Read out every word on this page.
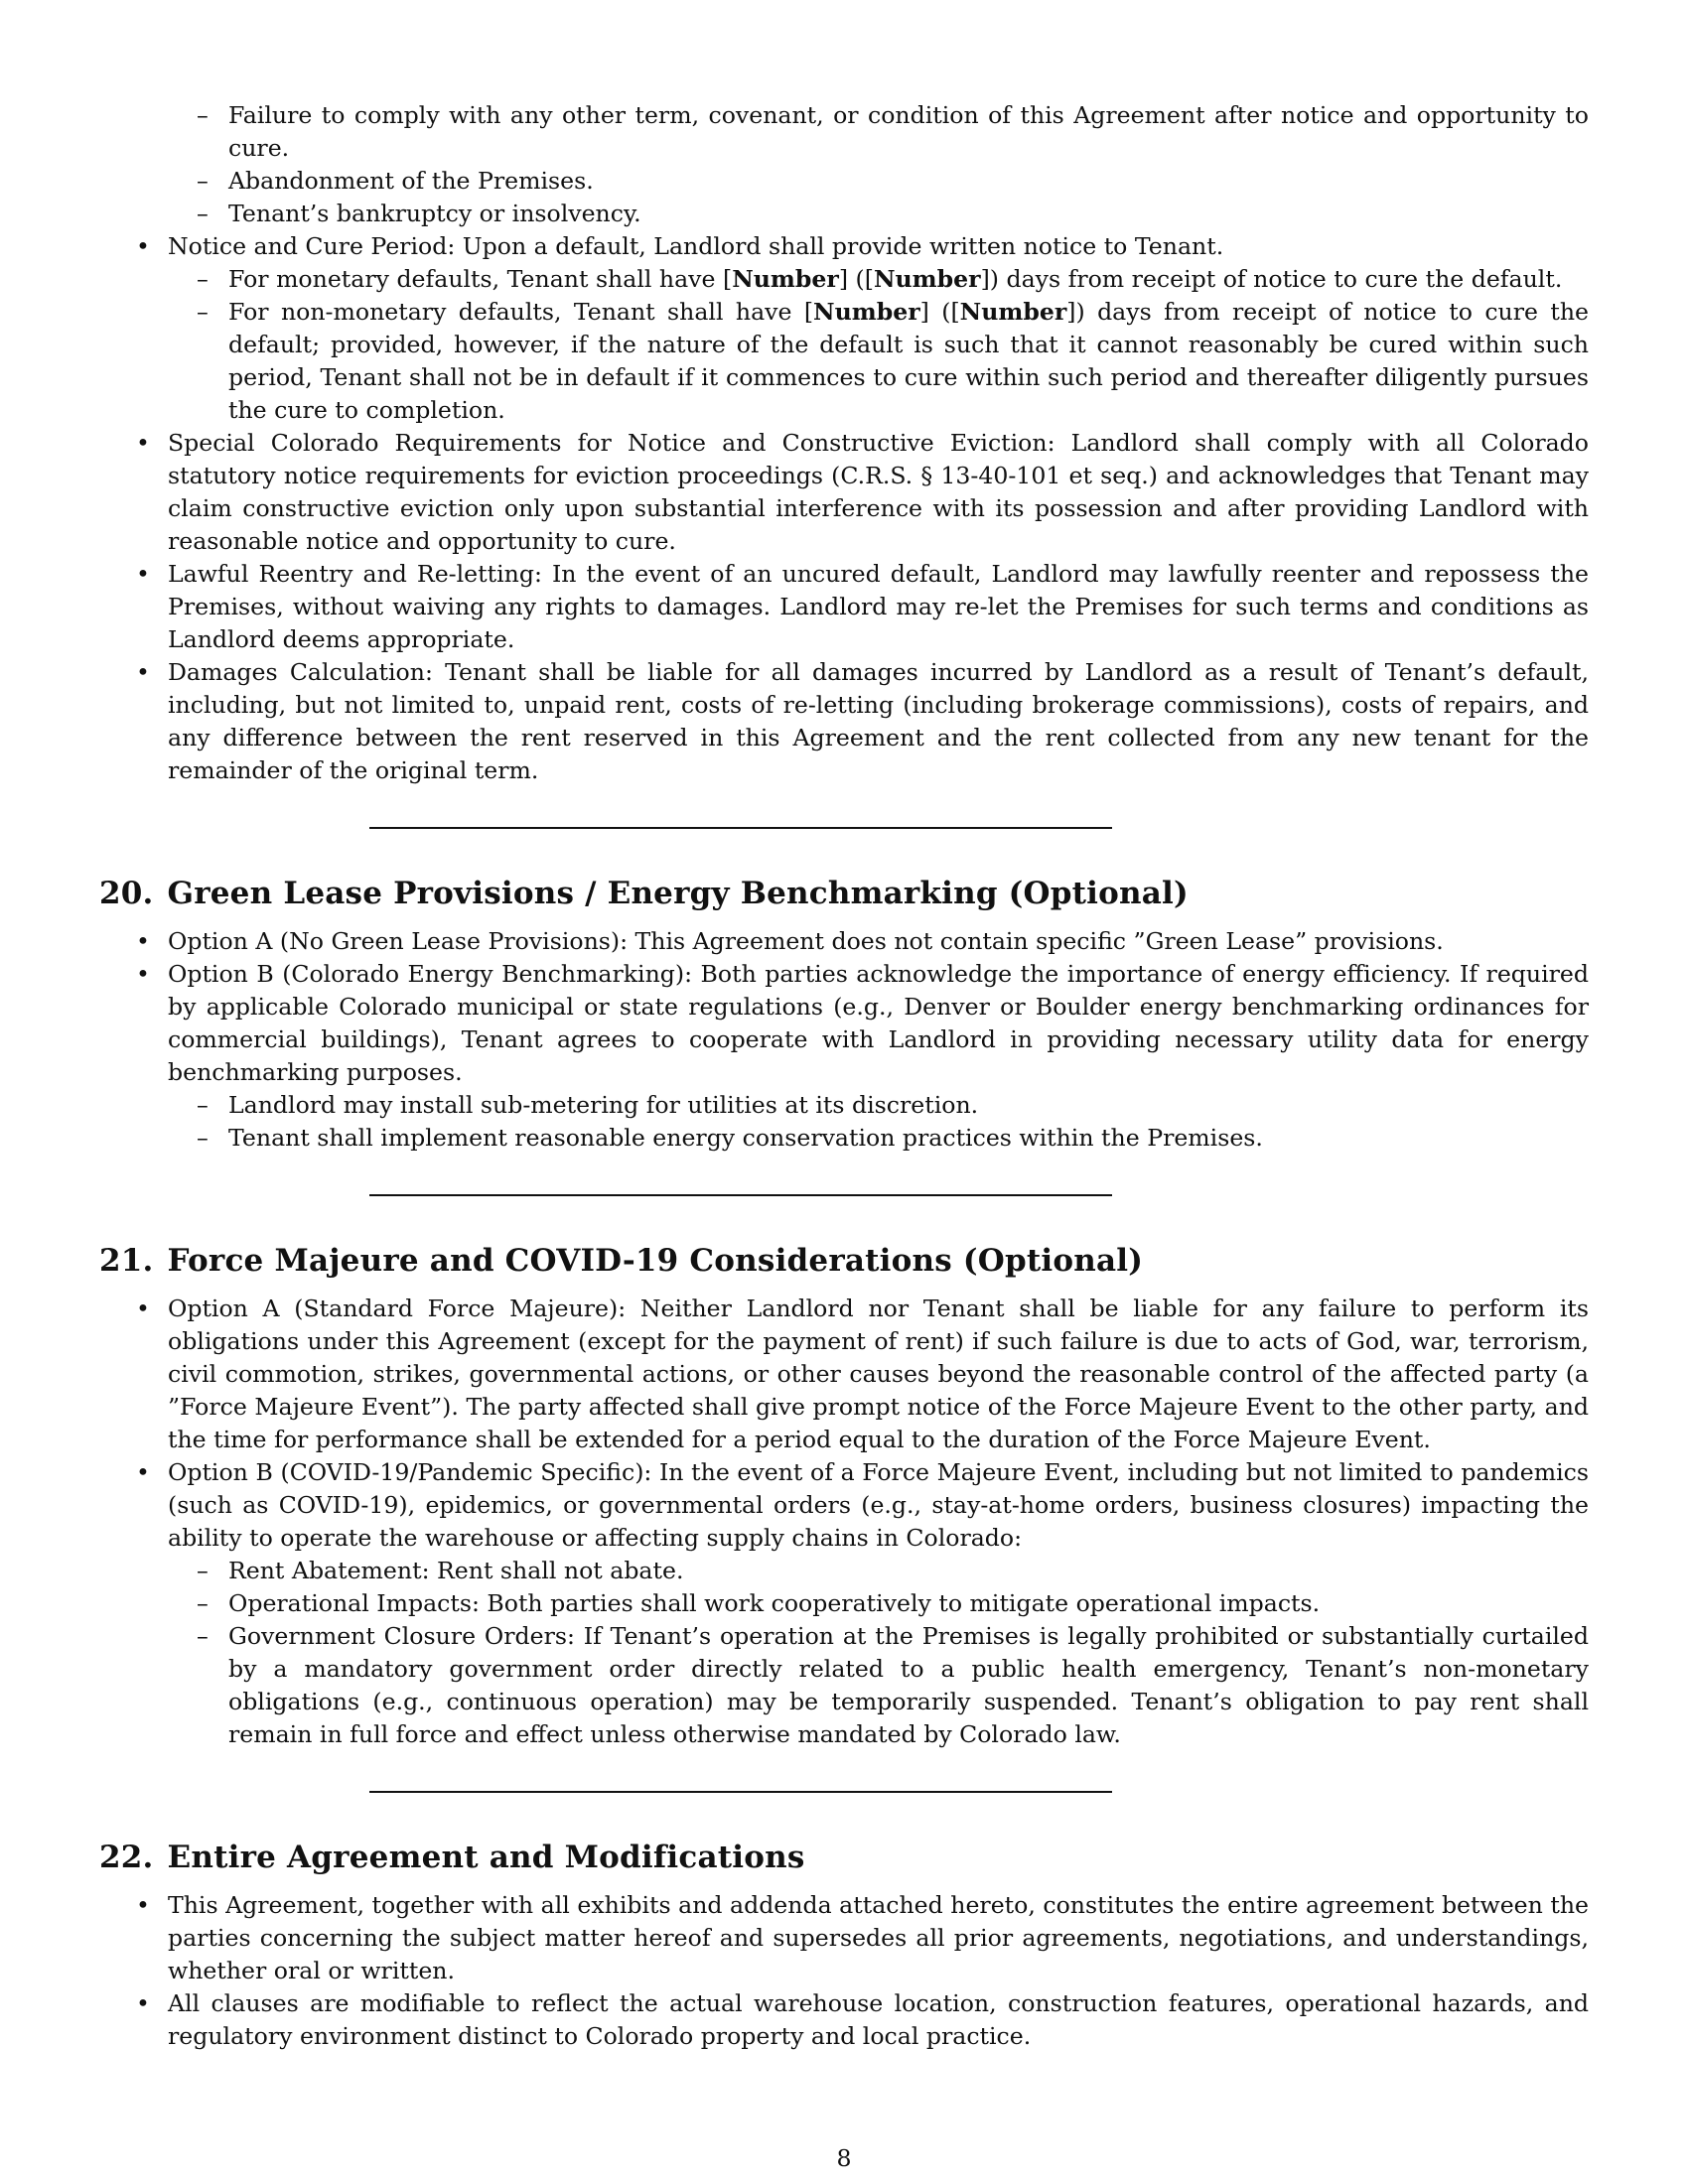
– Failure to comply with any other term, covenant, or condition of this Agreement after notice and opportunity to cure.
– Abandonment of the Premises.
– Tenant’s bankruptcy or insolvency.
• Notice and Cure Period: Upon a default, Landlord shall provide written notice to Tenant.
– For monetary defaults, Tenant shall have [Number] ([Number]) days from receipt of notice to cure the default.
– For non-monetary defaults, Tenant shall have [Number] ([Number]) days from receipt of notice to cure the default; provided, however, if the nature of the default is such that it cannot reasonably be cured within such period, Tenant shall not be in default if it commences to cure within such period and thereafter diligently pursues the cure to completion.
• Special Colorado Requirements for Notice and Constructive Eviction: Landlord shall comply with all Colorado statutory notice requirements for eviction proceedings (C.R.S. § 13-40-101 et seq.) and acknowledges that Tenant may claim constructive eviction only upon substantial interference with its possession and after providing Landlord with reasonable notice and opportunity to cure.
• Lawful Reentry and Re-letting: In the event of an uncured default, Landlord may lawfully reenter and repossess the Premises, without waiving any rights to damages. Landlord may re-let the Premises for such terms and conditions as Landlord deems appropriate.
• Damages Calculation: Tenant shall be liable for all damages incurred by Landlord as a result of Tenant’s default, including, but not limited to, unpaid rent, costs of re-letting (including brokerage commissions), costs of repairs, and any difference between the rent reserved in this Agreement and the rent collected from any new tenant for the remainder of the original term.
20. Green Lease Provisions / Energy Benchmarking (Optional)
• Option A (No Green Lease Provisions): This Agreement does not contain specific ”Green Lease” provisions.
• Option B (Colorado Energy Benchmarking): Both parties acknowledge the importance of energy efficiency. If required by applicable Colorado municipal or state regulations (e.g., Denver or Boulder energy benchmarking ordinances for commercial buildings), Tenant agrees to cooperate with Landlord in providing necessary utility data for energy benchmarking purposes.
– Landlord may install sub-metering for utilities at its discretion.
– Tenant shall implement reasonable energy conservation practices within the Premises.
21. Force Majeure and COVID-19 Considerations (Optional)
• Option A (Standard Force Majeure): Neither Landlord nor Tenant shall be liable for any failure to perform its obligations under this Agreement (except for the payment of rent) if such failure is due to acts of God, war, terrorism, civil commotion, strikes, governmental actions, or other causes beyond the reasonable control of the affected party (a ”Force Majeure Event”). The party affected shall give prompt notice of the Force Majeure Event to the other party, and the time for performance shall be extended for a period equal to the duration of the Force Majeure Event.
• Option B (COVID-19/Pandemic Specific): In the event of a Force Majeure Event, including but not limited to pandemics (such as COVID-19), epidemics, or governmental orders (e.g., stay-at-home orders, business closures) impacting the ability to operate the warehouse or affecting supply chains in Colorado:
– Rent Abatement: Rent shall not abate.
– Operational Impacts: Both parties shall work cooperatively to mitigate operational impacts.
– Government Closure Orders: If Tenant’s operation at the Premises is legally prohibited or substantially curtailed by a mandatory government order directly related to a public health emergency, Tenant’s non-monetary obligations (e.g., continuous operation) may be temporarily suspended. Tenant’s obligation to pay rent shall remain in full force and effect unless otherwise mandated by Colorado law.
22. Entire Agreement and Modifications
• This Agreement, together with all exhibits and addenda attached hereto, constitutes the entire agreement between the parties concerning the subject matter hereof and supersedes all prior agreements, negotiations, and understandings, whether oral or written.
• All clauses are modifiable to reflect the actual warehouse location, construction features, operational hazards, and regulatory environment distinct to Colorado property and local practice.
8
